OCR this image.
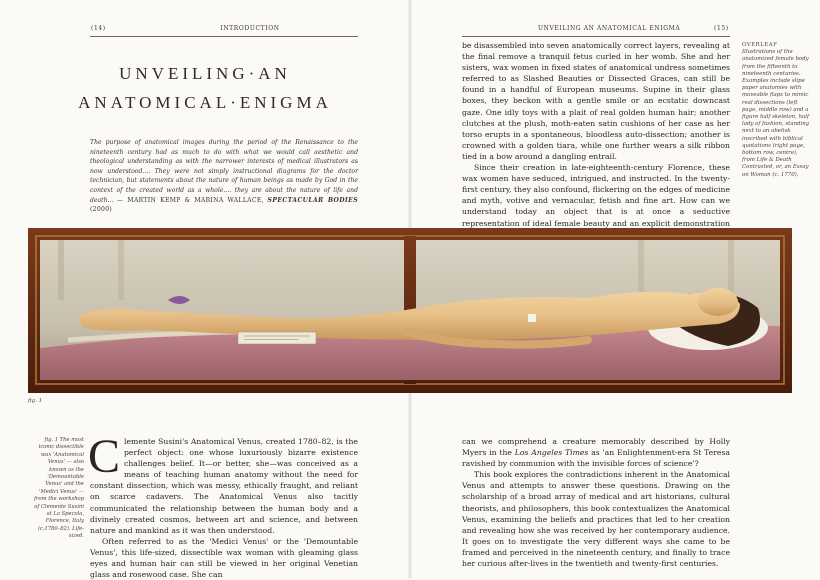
(14)	INTRODUCTION
UNVEILING·AN
ANATOMICAL·ENIGMA
The purpose of anatomical images during the period of the Renaissance to the nineteenth century had as much to do with what we would call aesthetic and theological understanding as with the narrower interests of medical illustrators as now understood.... They were not simply instructional diagrams for the doctor technician, but statements about the nature of human beings as made by God in the context of the created world as a whole.... they are about the nature of life and death... — MARTIN KEMP & MARINA WALLACE, SPECTACULAR BODIES (2000)
fig. 1
fig. 1 The most iconic dissectible wax 'Anatomical Venus' — also known as the 'Demountable Venus' and the 'Medici Venus' — from the workshop of Clemente Susini at La Specola, Florence, Italy (c.1780–82). Life-sized.

C lemente Susini's Anatomical Venus, created 1780–82, is the perfect object: one whose luxuriously bizarre existence challenges belief. It—or better, she—was conceived as a means of teaching human anatomy without the need for constant dissection, which was messy, ethically fraught, and reliant on scarce cadavers. The Anatomical Venus also tacitly communicated the relationship between the human body and a divinely created cosmos, between art and science, and between nature and mankind as it was then understood.

Often referred to as the 'Medici Venus' or the 'Demountable Venus', this life-sized, dissectible wax woman with gleaming glass eyes and human hair can still be viewed in her original Venetian glass and rosewood case. She can

UNVEILING AN ANATOMICAL ENIGMA	(15)

be disassembled into seven anatomically correct layers, revealing at the final remove a tranquil fetus curled in her womb. She and her sisters, wax women in fixed states of anatomical undress sometimes referred to as Slashed Beauties or Dissected Graces, can still be found in a handful of European museums. Supine in their glass boxes, they beckon with a gentle smile or an ecstatic downcast gaze. One idly toys with a plait of real golden human hair; another clutches at the plush, moth-eaten satin cushions of her case as her torso erupts in a spontaneous, bloodless auto-dissection; another is crowned with a golden tiara, while one further wears a silk ribbon tied in a bow around a dangling entrail.

Since their creation in late-eighteenth-century Florence, these wax women have seduced, intrigued, and instructed. In the twenty-first century, they also confound, flickering on the edges of medicine and myth, votive and vernacular, fetish and fine art. How can we understand today an object that is at once a seductive representation of ideal female beauty and an explicit demonstration

OVERLEAF
Illustrations of the anatomized female body from the fifteenth to nineteenth centuries. Examples include slipe paper anatomies with moveable flaps to mimic real dissections (left page, middle row) and a figure half skeleton, half lady of fashion, standing next to an obelisk inscribed with biblical quotations (right page, bottom row, centre), from Life & Death Contrasted, or, an Essay on Woman (c. 1770).

can we comprehend a creature memorably described by Holly Myers in the Los Angeles Times as 'an Enlightenment-era St Teresa ravished by communion with the invisible forces of science'?

This book explores the contradictions inherent in the Anatomical Venus and attempts to answer these questions. Drawing on the scholarship of a broad array of medical and art historians, cultural theorists, and philosophers, this book contextualizes the Anatomical Venus, examining the beliefs and practices that led to her creation and revealing how she was received by her contemporary audience. It goes on to investigate the very different ways she came to be framed and perceived in the nineteenth century, and finally to trace her curious after-lives in the twentieth and twenty-first centuries.
